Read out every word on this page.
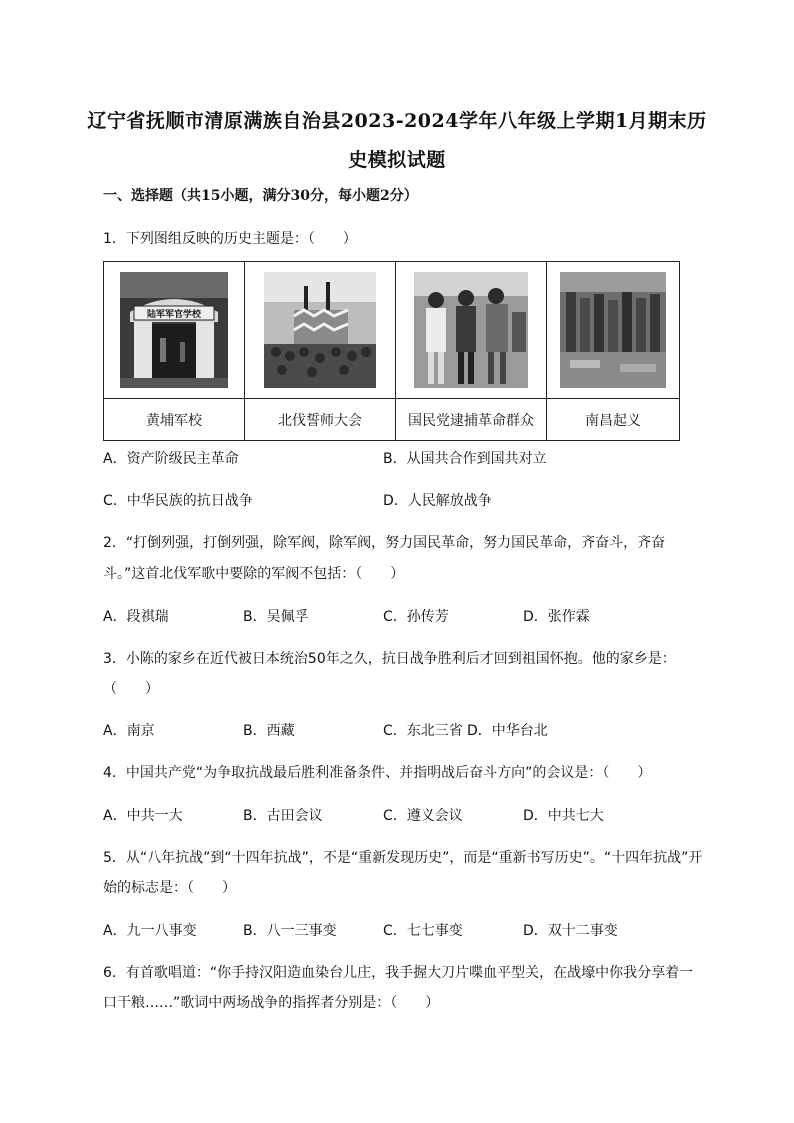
辽宁省抚顺市清原满族自治县2023-2024学年八年级上学期1月期末历
史模拟试题
一、选择题（共15小题，满分30分，每小题2分）
1．下列图组反映的历史主题是：（　　）
陆军军官学校

黄埔军校	北伐誓师大会	国民党逮捕革命群众	南昌起义
A．资产阶级民主革命	B．从国共合作到国共对立
C．中华民族的抗日战争	D．人民解放战争
2．“打倒列强，打倒列强，除军阀，除军阀，努力国民革命，努力国民革命，齐奋斗，齐奋
斗。”这首北伐军歌中要除的军阀不包括：（　　）
A．段祺瑞	B．吴佩孚	C．孙传芳	D．张作霖
3．小陈的家乡在近代被日本统治50年之久，抗日战争胜利后才回到祖国怀抱。他的家乡是：
（　　）
A．南京	B．西藏	C．东北三省 D．中华台北
4．中国共产党“为争取抗战最后胜利准备条件、并指明战后奋斗方向”的会议是：（　　）
A．中共一大	B．古田会议	C．遵义会议	D．中共七大
5．从“八年抗战”到“十四年抗战”，不是“重新发现历史”，而是“重新书写历史”。“十四年抗战”开
始的标志是：（　　）
A．九一八事变	B．八一三事变	C．七七事变	D．双十二事变
6．有首歌唱道：“你手持汉阳造血染台儿庄，我手握大刀片喋血平型关，在战壕中你我分享着一
口干粮……”歌词中两场战争的指挥者分别是：（　　）
